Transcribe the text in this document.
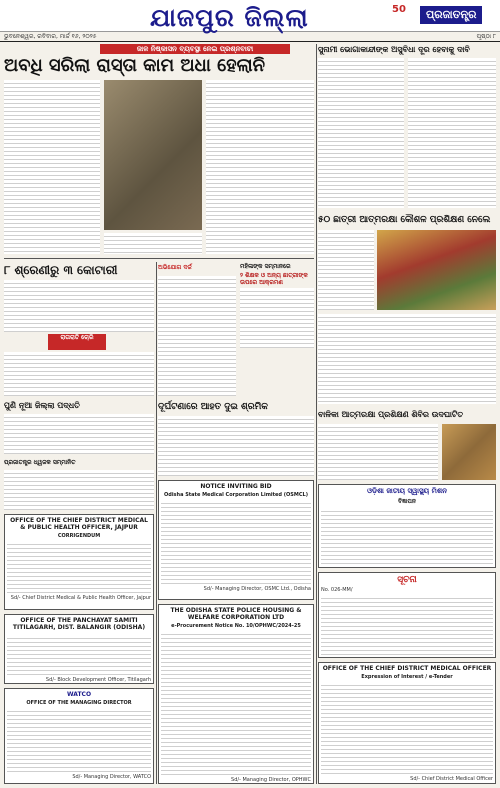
ଯାଜପୁର ଜିଲ୍ଲା	50	ପ୍ରଜାତନ୍ତ୍ର
ଭୁବନେଶ୍ୱର, ରବିବାର, ମାର୍ଚ୍ଚ ୧୬, ୨୦୨୫	ପୃଷ୍ଠା ୮
ଜାଳ ନିଷ୍କାସନ ବ୍ୟବସ୍ଥା ନେଇ ପ୍ରଶ୍ନବାଚୀ
ଅବଧି ସରିଲା ରାସ୍ତା କାମ ଅଧା ହେଲାନି
ସୁନାମୀ ଭୋଗାକାନ୍ଦୀଙ୍କ ଅସୁବିଧା ଦୂର ହେବାକୁ ଦାବି
୫୦ ଛାତ୍ରୀ ଆତ୍ମରକ୍ଷା କୌଶଳ ପ୍ରଶିକ୍ଷଣ ନେଲେ
୮ ଶ୍ରେଣୀରୁ ୩ କୋଟାରୀ
ରାତାରାତି ଚୋରି
ଅଭିଯୋଗ ଦର୍ଜ	ମହିଳାଙ୍କ ସମ୍ମାନରେ
୨ ଶିକ୍ଷକ ଓ ଅନ୍ୟ ଛାତ୍ରୀଙ୍କ ଉପରେ ଆକ୍ରମଣ
ଦୂର୍ଘଟଣାରେ ଆହତ ଦୁଇ ଶ୍ରମିକ
ପୁଣି ନୂଆ ଜିଲ୍ଲା ପଦ୍ଧତି
ପ୍ରଜାତନ୍ତ୍ର ଧ୍ୱଜକ ସମ୍ମାନିତ
ବାଳିକା ଆତ୍ମରକ୍ଷା ପ୍ରଶିକ୍ଷଣ ଶିବିର ଉଦଘାଟିତ
OFFICE OF THE CHIEF DISTRICT MEDICAL & PUBLIC HEALTH OFFICER, JAJPUR
CORRIGENDUM
Sd/- Chief District Medical & Public Health Officer, Jajpur
OFFICE OF THE PANCHAYAT SAMITI TITILAGARH, DIST. BALANGIR (ODISHA)
Sd/- Block Development Officer, Titilagarh
WATCO
OFFICE OF THE MANAGING DIRECTOR
Sd/- Managing Director, WATCO
NOTICE INVITING BID
Odisha State Medical Corporation Limited (OSMCL)
Sd/- Managing Director, OSMC Ltd., Odisha
THE ODISHA STATE POLICE HOUSING & WELFARE CORPORATION LTD
e-Procurement Notice No. 10/OPHWC/2024-25
Sd/- Managing Director, OPHWC
ଓଡ଼ିଶା ଜାତୀୟ ସ୍ୱାସ୍ଥ୍ୟ ମିଶନ
ବିଜ୍ଞାପନ
ସୂଚନା
No. 026-MM/
OFFICE OF THE CHIEF DISTRICT MEDICAL OFFICER
Expression of Interest / e-Tender
Sd/- Chief District Medical Officer
